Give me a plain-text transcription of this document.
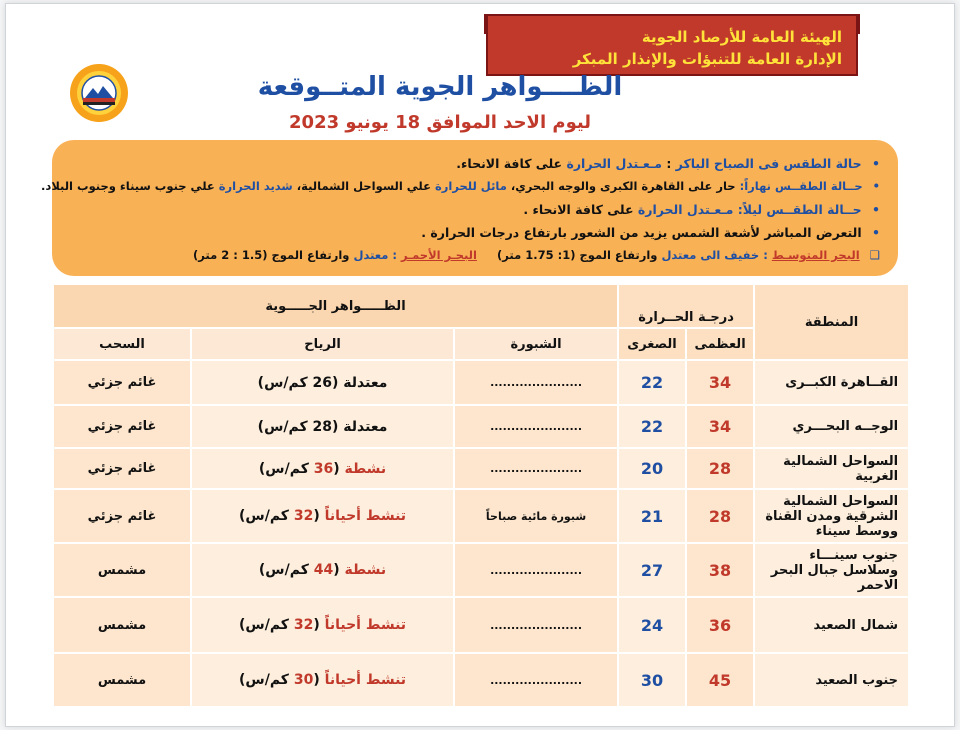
الهيئة العامة للأرصاد الجوية
الإدارة العامة للتنبؤات والإنذار المبكر
الظــــواهر الجوية المتــوقعة
ليوم الاحد الموافق 18 يونيو 2023
• حالة الطقس فى الصباح الباكر : مـعـتدل الحرارة على كافة الانحاء.
• حــالة الطقــس نهاراً: حار على القاهرة الكبرى والوجه البحري، مائل للحرارة علي السواحل الشمالية، شديد الحرارة علي جنوب سيناء وجنوب البلاد.
• حــالة الطقــس ليلاً: مـعـتدل الحرارة على كافة الانحاء .
• التعرض المباشر لأشعة الشمس يزيد من الشعور بارتفاع درجات الحرارة .
❑ البحر المتوسـط : خفيف الى معتدل وارتفاع الموج (1: 1.75 متر)     البحـر الأحمـر : معتدل وارتفاع الموج (1.5 : 2 متر)
المنطقة	درجـة الحــرارة		الظـــــواهر الجـــــوية		
	العظمى	الصغرى	الشبورة	الرياح	السحب
القــاهرة الكبــرى	34	22	......................	معتدلة (26 كم/س)	غائم جزئي
الوجــه البحـــري	34	22	......................	معتدلة (28 كم/س)	غائم جزئي
السواحل الشمالية الغربية	28	20	......................	نشطة (36 كم/س)	غائم جزئي
السواحل الشمالية الشرقية ومدن القناة ووسط سيناء	28	21	شبورة مائية صباحاً	تنشط أحياناً (32 كم/س)	غائم جزئي
جنوب سينـــاء وسلاسل جبال البحر الاحمر	38	27	......................	نشطة (44 كم/س)	مشمس
شمال الصعيد	36	24	......................	تنشط أحياناً (32 كم/س)	مشمس
جنوب الصعيد	45	30	......................	تنشط أحياناً (30 كم/س)	مشمس
